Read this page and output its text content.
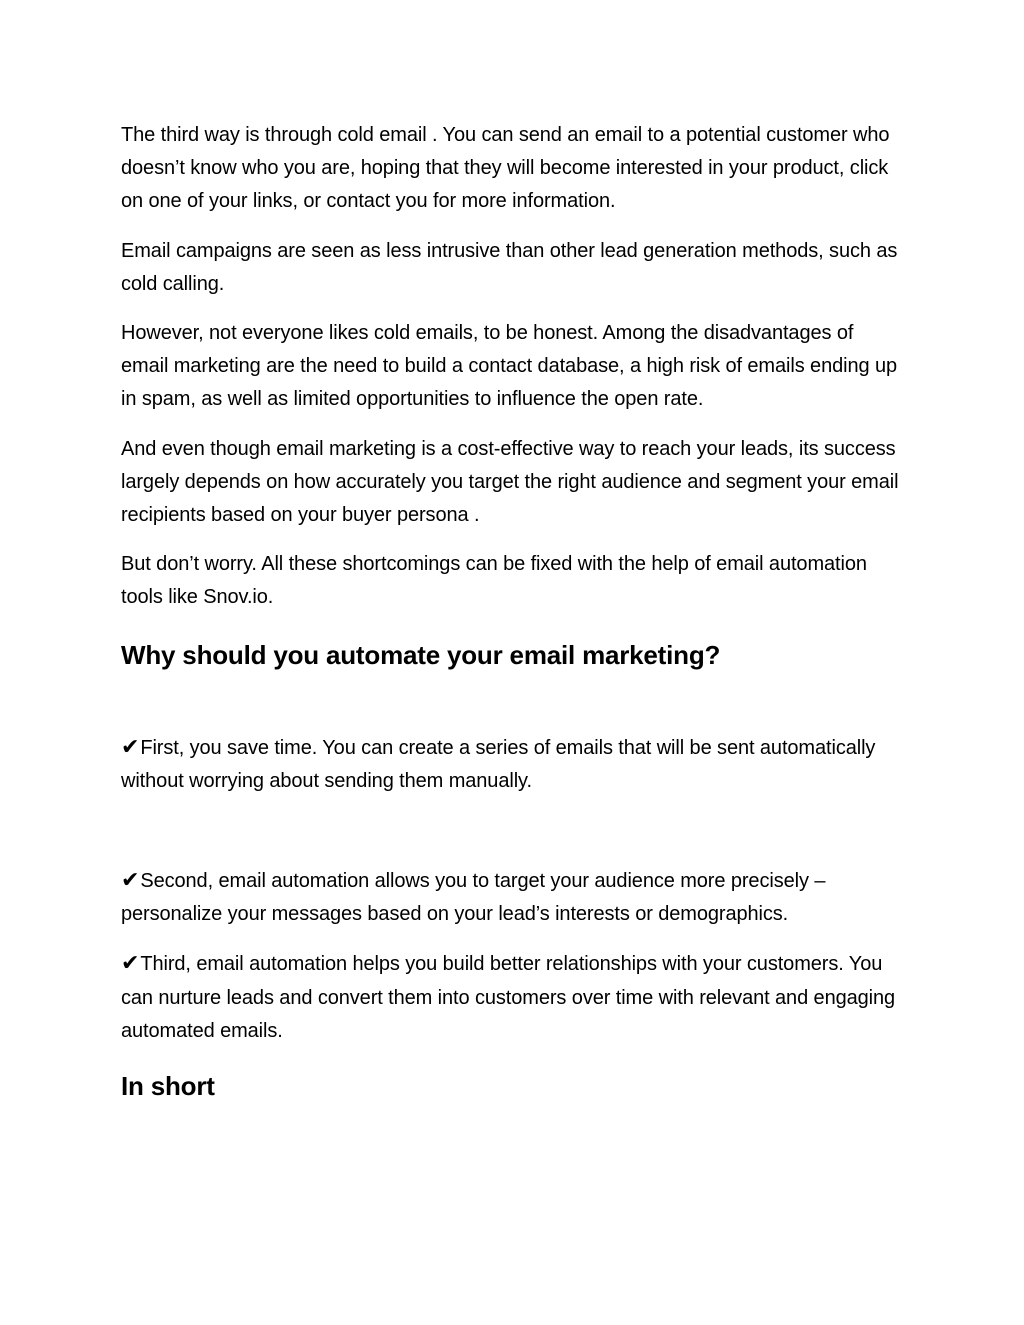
The third way is through cold email . You can send an email to a potential customer who doesn’t know who you are, hoping that they will become interested in your product, click on one of your links, or contact you for more information.

Email campaigns are seen as less intrusive than other lead generation methods, such as cold calling.

However, not everyone likes cold emails, to be honest. Among the disadvantages of email marketing are the need to build a contact database, a high risk of emails ending up in spam, as well as limited opportunities to influence the open rate.

And even though email marketing is a cost-effective way to reach your leads, its success largely depends on how accurately you target the right audience and segment your email recipients based on your buyer persona .

But don’t worry. All these shortcomings can be fixed with the help of email automation tools like Snov.io.

Why should you automate your email marketing?

✔First, you save time. You can create a series of emails that will be sent automatically without worrying about sending them manually.

✔Second, email automation allows you to target your audience more precisely – personalize your messages based on your lead’s interests or demographics.

✔Third, email automation helps you build better relationships with your customers. You can nurture leads and convert them into customers over time with relevant and engaging automated emails.

In short
